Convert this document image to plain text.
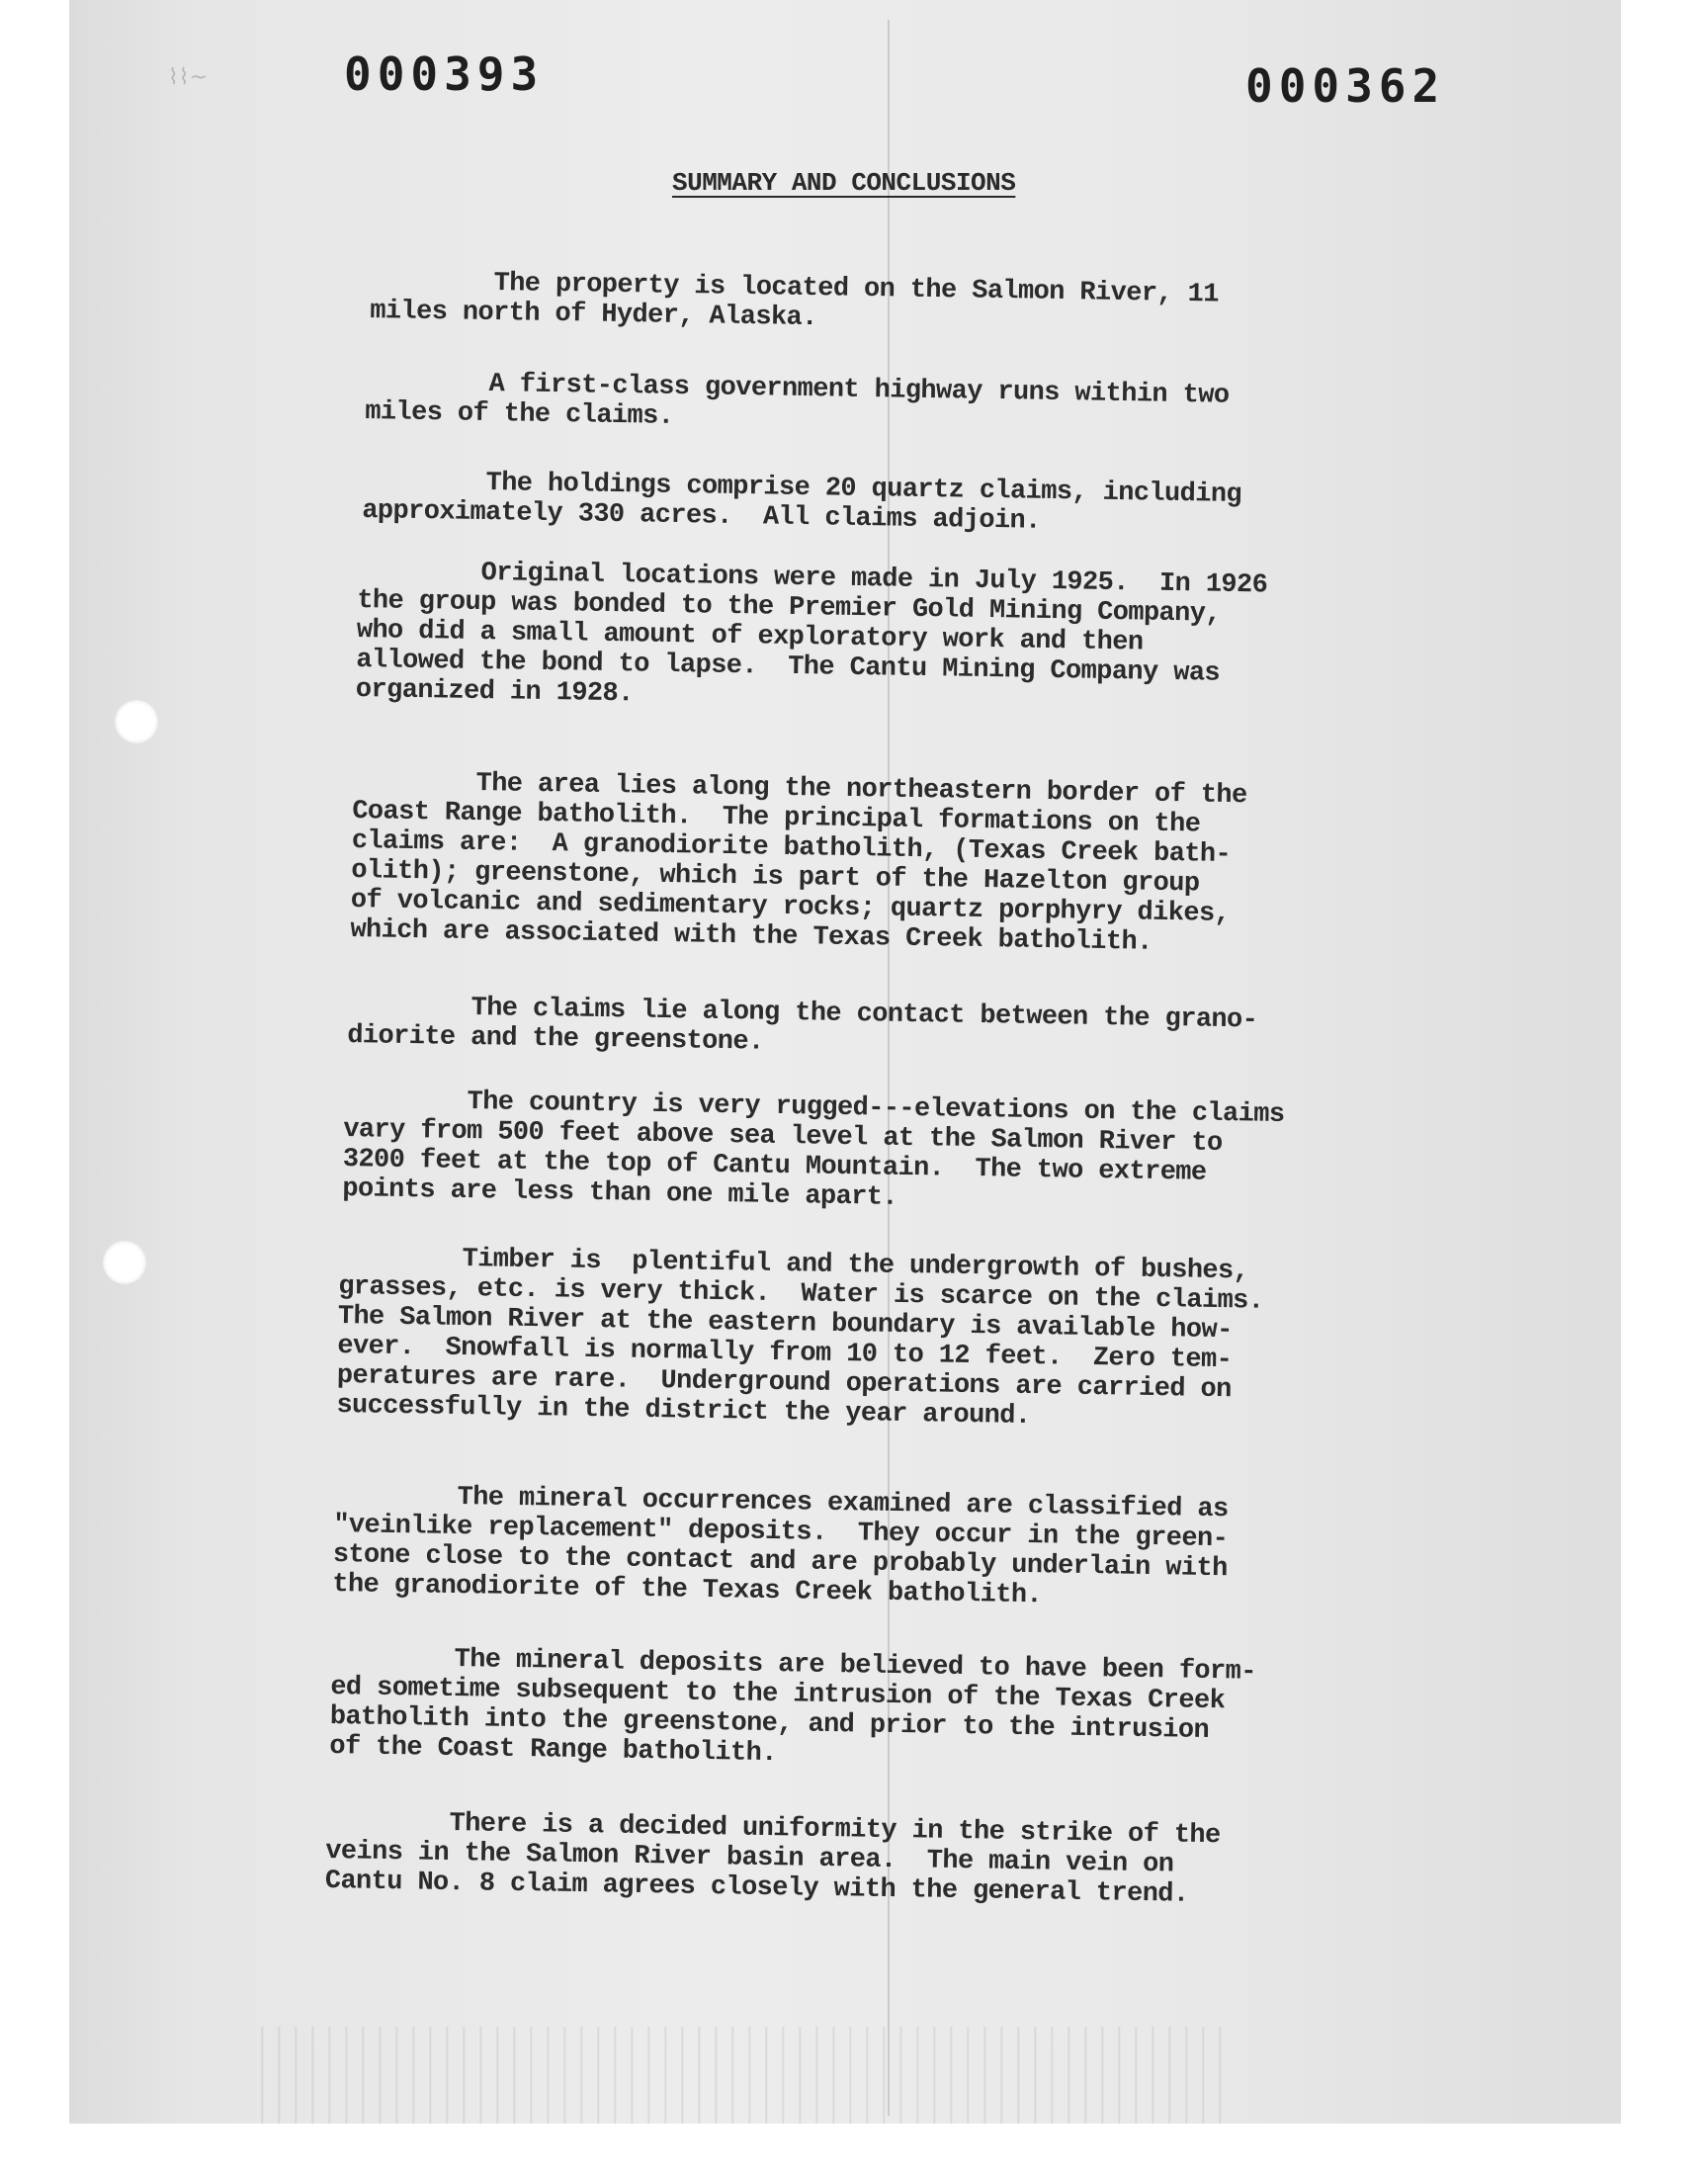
⌇⌇~	000393	000362
SUMMARY AND CONCLUSIONS
The property is located on the Salmon River, 11
miles north of Hyder, Alaska.
A first-class government highway runs within two
miles of the claims.
The holdings comprise 20 quartz claims, including
approximately 330 acres.  All claims adjoin.
Original locations were made in July 1925.  In 1926
the group was bonded to the Premier Gold Mining Company,
who did a small amount of exploratory work and then
allowed the bond to lapse.  The Cantu Mining Company was
organized in 1928.
The area lies along the northeastern border of the
Coast Range batholith.  The principal formations on the
claims are:  A granodiorite batholith, (Texas Creek bath-
olith); greenstone, which is part of the Hazelton group
of volcanic and sedimentary rocks; quartz porphyry dikes,
which are associated with the Texas Creek batholith.
The claims lie along the contact between the grano-
diorite and the greenstone.
The country is very rugged---elevations on the claims
vary from 500 feet above sea level at the Salmon River to
3200 feet at the top of Cantu Mountain.  The two extreme
points are less than one mile apart.
Timber is  plentiful and the undergrowth of bushes,
grasses, etc. is very thick.  Water is scarce on the claims.
The Salmon River at the eastern boundary is available how-
ever.  Snowfall is normally from 10 to 12 feet.  Zero tem-
peratures are rare.  Underground operations are carried on
successfully in the district the year around.
The mineral occurrences examined are classified as
"veinlike replacement" deposits.  They occur in the green-
stone close to the contact and are probably underlain with
the granodiorite of the Texas Creek batholith.
The mineral deposits are believed to have been form-
ed sometime subsequent to the intrusion of the Texas Creek
batholith into the greenstone, and prior to the intrusion
of the Coast Range batholith.
There is a decided uniformity in the strike of the
veins in the Salmon River basin area.  The main vein on
Cantu No. 8 claim agrees closely with the general trend.
